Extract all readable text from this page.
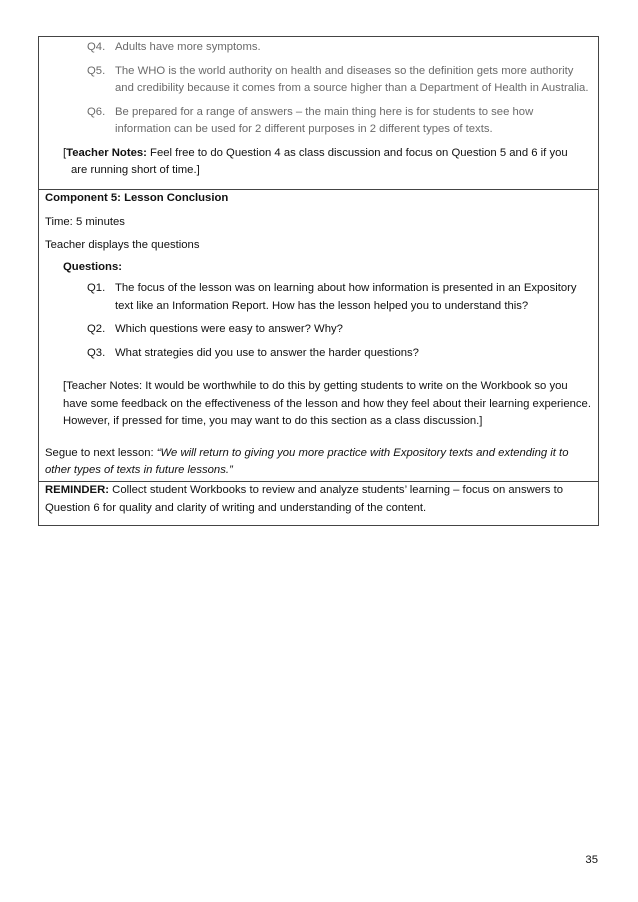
Q4. Adults have more symptoms.
Q5. The WHO is the world authority on health and diseases so the definition gets more authority and credibility because it comes from a source higher than a Department of Health in Australia.
Q6. Be prepared for a range of answers – the main thing here is for students to see how information can be used for 2 different purposes in 2 different types of texts.
[Teacher Notes: Feel free to do Question 4 as class discussion and focus on Question 5 and 6 if you
are running short of time.]

Component 5: Lesson Conclusion

Time: 5 minutes

Teacher displays the questions

Questions:

Q1. The focus of the lesson was on learning about how information is presented in an Expository text like an Information Report. How has the lesson helped you to understand this?
Q2. Which questions were easy to answer? Why?
Q3. What strategies did you use to answer the harder questions?

[Teacher Notes: It would be worthwhile to do this by getting students to write on the Workbook so you have some feedback on the effectiveness of the lesson and how they feel about their learning experience. However, if pressed for time, you may want to do this section as a class discussion.]

Segue to next lesson: “We will return to giving you more practice with Expository texts and extending it to other types of texts in future lessons.”

REMINDER: Collect student Workbooks to review and analyze students’ learning – focus on answers to Question 6 for quality and clarity of writing and understanding of the content.

35
